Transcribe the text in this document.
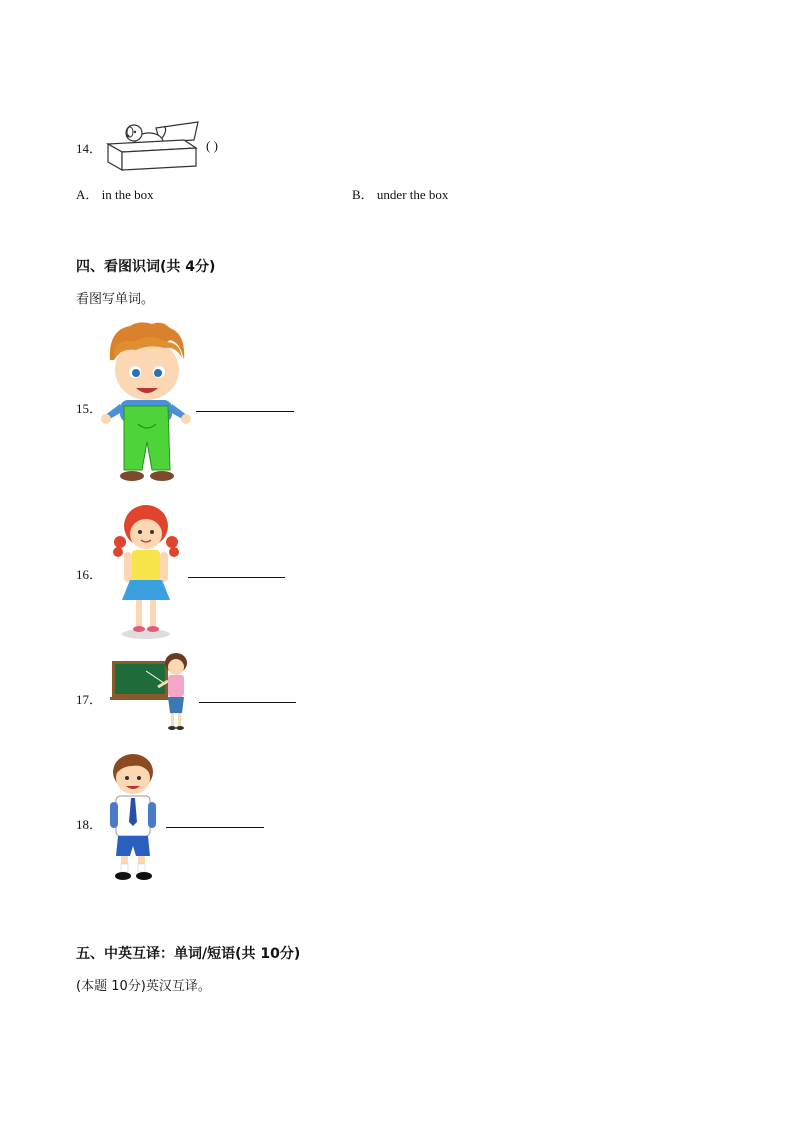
14．	( )
A． in the box	B． under the box
四、看图识词(共 4分)
看图写单词。
15．
16．
17．
18．
五、中英互译：单词/短语(共 10分)
(本题 10分)英汉互译。
